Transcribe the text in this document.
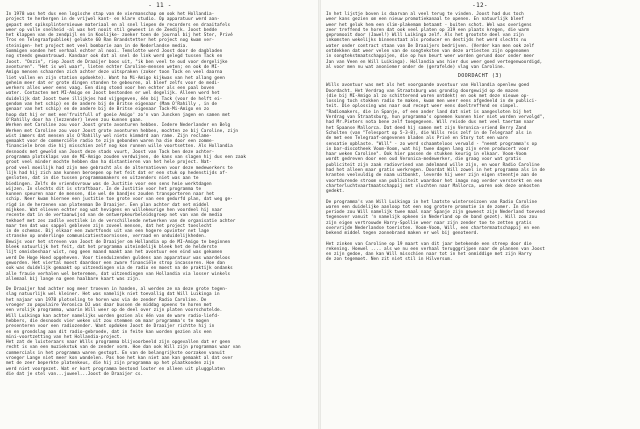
- 11 -

In 1978 was het dus een logische stap van de viermanschap om ook het Hollandia-
project te herbergen in de vrijwel kant- en klare studio. Op apparatuur werd aan-
gepast met spiksplinternieuwe materiaal en al snel liepen de recorders en draaitafels
weer op volle snelheid -al was het nooit stil geweest in de Zeedijk. Joost bedde
het klappen van de zendpijl en in Koolijke- zoeker toen de journal bij het Ster, Privé
Tros en Telegraafpubliek) gelukte 60 Ran Brandstetter het project nog kwam ver-
steinigen- het project met veel bombarie aan in de Nederlandse media.

Sommigen vonden het verhaal echter al nooi. Temslotte werd Joost door de dagbladen
nog steeds gewantrouwd. Kandaar ook dat al snel de link werd gelegd tussen Tack en
Joost. "Onzin", riep Joost de Draaijer boos uit, "ik ben veel te oud voor dergelijke
avonturen". "Het is wel waar", lieten echter Caroline-mensen weten; en ook de MI-
Amigo mensen schaarden zich achter deze uitspraken (zoker toon Tack en veel daarna
liet vallen en zijn station opdoekte). Want ha Mi-Amigo kijkwas van het allang geen
geheim meer dat er grote dingen stonden te gebeuren, al bleef zelfs voor de medi-
werkers alles weer eens vaag. Een ding stond voor hen echter als een paal boven
water. Contacten met MI-Amigo en Joost bestonden er wel degelijk. Alleen werd het
duidelijk dat Joost twee illijkjes had vijgegeven, één bij Tack (voor de helft ei-
gendom van het schip) en de andere bij de Britse eigenaar (Mam O'Rahilly , in de
genaar van het schip) en de andere bij de Britse eigenaar Tack-Mi-Amigo en zo
hoop dat hij er met een'fruitfull of goeie Amigo' zo'n van Juncken jagen en samen met
O'Rahilly door ha (lezzender) leven zou kunnen gaan.

Werken met Caroline zou voor Joost grote avonturen hebben. Iedere Nederlander en Belg
Werken met Caroline zou voor Joost grote avonturen hebben, mochten ze bij Caroline, zijn
wist immers dat mensen als O'Rahilly wel niets kimmdrd aan rame. Zijn reclame-
gemaakt voor de commerciële radio te zijn gebonden waren ha die door een zomme-
financiele bron die hij misschien zelf nog kon runnen wille voortsetten. Als Hollandia
desnoods met geweld van Joost deze stads vuurt, Joost van Tack ben deze achter-
programma plotsklaps van de MI-Amigo zouden verdwijnen, de kans van slagen hij dus een zaak
groot veel minder mochte hebben dan ha distantieren van het hele project. Nat-
prod veel moeilijk had zijn mee gebracht als de alternatieven voor deze medewerkers te
lijk had hij zich aan kunnen beroepen op het feit dat er een stuk op hedenstijds af-
gesloten, dat in die tussen programmamakers en uitzenders niet was aan te
biedingen. Zelfs de vriendsvrouw was de Justitie voor een sens heie werktdagen
wijzen. In slechts dit is straftbaar. In de Justitie voor het programma te
kunnen speuren naar de mensen, die wel de bandjes zouden transporteren naar het
schip. Neer kwam hiernee een justitie toe grote voor van een gedurfd plan, dat weg ge-
rigd in de herzenen van platenman De Draaijer. Een plan achter dat net middel
mijkken. Wat elieven echter nog wat hevigens en willekeurige hen voordeel hij naar
recente dat in de vertaanwijsd van de ontwerpkeurbeleidsgroep net van van de media
tekhoef met zes zadlle vestilek in de verschillende netwerken van de organisatie achter
maar ten dat was sappel gebleven zijn zoveel mensen, dat het project toeslecht
in de schemas. Bij elkaar een zwartfonds uit van een hogere opvinter net lage
stranske op onderlinge communicatiestoornissen, verraad en onduidelijkheden.

Bewijs voor het streven van Joost de Draaijer om Hollandia op de MI-Amigo te beginnen
bleek natuurlijk het feit, dat het programma uiteindelijk bleek het de helderste
lijt omnisbeshaar wist, nog geen maand maakt aan het avontuur een eind was gekomen
werd De Hoge Hoed opgeheven. Voor tienduizenden guldens aan apparatuur was waardeloos
geworden. Het viertal moest daardoor een zware financiële strop incasseren. Hoe dan
ook was duidelijk gemaakt op uitzendingen via de radio en moest na de praktijk ondanks
alle frauie verhalen wel beteremen, dat uitzendingen van Hollandia via losser winkels
allemaal bij lange na geen haalbare kaart was zijn.

De Draaijer had achter nog meer troeven in handen, al werden ze na deze grote tegen-
slag natuurlijk wel kleiner. Het was namelijk niet toevallig dat Will Luikinga in
het najaar van 1978 plotseling te horen was via de zender Radio Caroline. De
vroeger zo populaire Veronica DJ was daar bussen de middag opeens te horen met
een vrolijk programma, waarin Will weer op de deel over zijn platen voorschotelde.
Will Luikinga kan achter namelijks worden gezien als één van de ware radio-liefd-
hebbers, die desnoods vier weken uit zou stemmen om maar programma's te mogen
presenteren voor een radiozender. Want opdoken Joost de Draaijer richtte hij in
en en grondslag aan dit radio-gebroede, dat in feite kan worden gezien als een
mini-voortzetting van het Hollandia-project.

Het zat de luisteraars naar Wills programma blijvoorbeeld zijn opgevallen dat er geen
recht is van een muziekstuk van de zender vorm. Hoe dan ook Will zijn programmas waar van
commercials in het programma waren gestopt. En van de belangrijkste oorzaken vanuit
vroeger Lange niet meer kon wandelen. Pas hoe het kan niet aan kan gemaakt al dat over
met de zeer beperkte platenkeus, die hij zijn programma op het plaatkonden zijn
werd niet voorgezet. Wat er kort programma bestond louter en alleen uit pluggplaten
die dat je stel van...juweel...Joost de Draaijer cs.

-12-

In het lijstje boven is daarvan al veel terug te vinden. Joost had dus toch
weer kans gezien om een nieuw promotiekanaal te openen. En natuurlijk bleef
weer het geluk hem een slim-plakemam betaamt - buiten schot. Wel was overigens
zeer treffend te horen dat ook veel platen op 319 een plaats kregen, die warm
gepromooit door (Jawel!) Will Luikinga zelf. Als het grootste deel van zijn
inkomsten wekelijks binnenstaat als producer en destijds het werd slechts nu
water onder contract staan van De Draaijers bedrijven. (Verder kan men ook zelf
ontdekken dat weer velen van de songteksten van deze artiesten zijn opgenomen
in songtekstmaatschappijen, die op hun beurt weer worden gerund door onder meer
Jan van Veen en Will Luikinga). Hollandia was hier dus weer goed vertegenwoordigd,
al voor men nu wat anoniemer onder de (gerafelde) vlag van Caroline.

DOORDACHT (3)

Wills avontuur was met als het voorgaande avontuur van Hollandia openlew goed
Doordacht. Het Verdrag van Straatsburg was grondig doorgewijd op de mazen
(die bij MI-Amigo al zo schitterend waren ontdekt) en ook met deze nieuwe op-
lossing toch stokken radio te maken, kwam men weer eens afgedeeld in de publici-
teit. Die oplossing was naar oud recept weer eens doeltreffend en simpel.
"Radiomakers, die in Spanje, of een ander land dat niet is aangesloten bij het
Verdrag van Straatsburg, hun programma's opnemen kunnen hier niet worden vervolgd",
had Mr.Pieters nota bene zelf toegegeven. Will reisde dus met veel taertam naar
het Spaanse Mallorca. Dat deed hij samen met zijn Veronica-vriend Berry Zand
Scholten (van "Telesport op 5-3-8), die Wills reis zelf in de Telegraaf als in
de met een Telegraaf-ongevenen bladen als Privé en Story tot een ware
sensatie opblaste. "Will" - zo werd schaamteloos verwald - "neemt programma's op
in bar-discotheek Voom-Voom, wat hij twee dagen lang zijn eren producert voor
haar weken Caroline". Ook hier passen de stukken keurig in elkaar. Voom-Voom
wordt gedreven door een oud Veronica-medewerker, die graag voor wat gratis
publiciteit zijn zaak radiovriend van adelmand wille zijn, en woor Radio Caroline
had het alleen maar gratis werkregen. Doordat Will zowel in het programma als in de
kranten veelvuldig de naam uitbonkt, leverde hij weer zijn eigen steentje aan de
voortdurende stroom van publiciteit waardoor het imago nog verder versterkt en een
charterluchtvaartmaatschappij met vluchten naar Mallorca, waren ook deze onkosten
gedekt.

De programma's van Will Luikinga in het laatste winterseizoen van Radio Caroline
waren een duidelijke aanloop tot een nog grotere promotie in de zomer. In die
periode zou Will namelijk twee maal naar Spanje zijn geweest zijn Nederland toevend
tegenover vanuit 'n namelijk opkeen in Nederland op de band gezet). Will zou zou
zijn eigen vertrouwde Harry-Spollie weer naar zijn zender toe te zetten gratis
overvrijde Nederlandse toeristen. Voom-Voom, Will, een chartermaatschappij en een
bekend middel tegen zonnebrand maken er wel bij genoteerd.

Het zinken van Caroline op 19 maart van dit jaar betekende een streep door die
rekening. Hoewel .... als we nu een verhaal terugggrijpen naar de plannen van Joost
en zijn gedoe, dan kan Will misschien naar tot in het onmiddige met zijn Harry
de zon tegemoet. Nen zit niet stil in Hilversum.
